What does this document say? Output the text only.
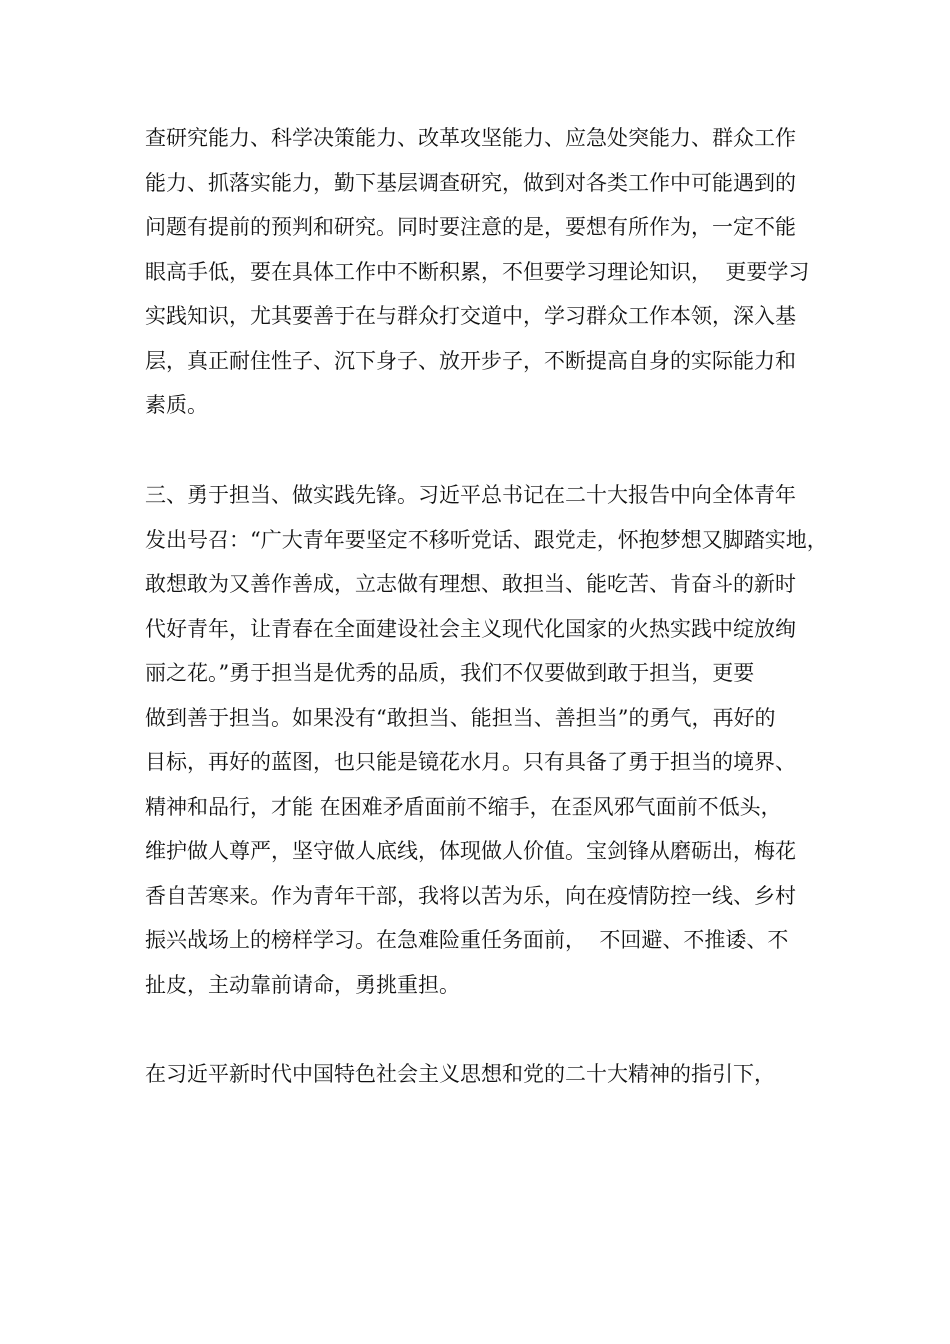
查研究能力、科学决策能力、改革攻坚能力、应急处突能力、群众工作
能力、抓落实能力，勤下基层调查研究，做到对各类工作中可能遇到的
问题有提前的预判和研究。同时要注意的是，要想有所作为，一定不能
眼高手低，要在具体工作中不断积累，不但要学习理论知识，  更要学习
实践知识，尤其要善于在与群众打交道中，学习群众工作本领，深入基
层，真正耐住性子、沉下身子、放开步子，不断提高自身的实际能力和
素质。
三、勇于担当、做实践先锋。习近平总书记在二十大报告中向全体青年
发出号召：“广大青年要坚定不移听党话、跟党走，怀抱梦想又脚踏实地，
敢想敢为又善作善成，立志做有理想、敢担当、能吃苦、肯奋斗的新时
代好青年，让青春在全面建设社会主义现代化国家的火热实践中绽放绚
丽之花。”勇于担当是优秀的品质，我们不仅要做到敢于担当，更要
做到善于担当。如果没有“敢担当、能担当、善担当”的勇气，再好的
目标，再好的蓝图，也只能是镜花水月。只有具备了勇于担当的境界、
精神和品行，才能 在困难矛盾面前不缩手，在歪风邪气面前不低头，
维护做人尊严，坚守做人底线，体现做人价值。宝剑锋从磨砺出，梅花
香自苦寒来。作为青年干部，我将以苦为乐，向在疫情防控一线、乡村
振兴战场上的榜样学习。在急难险重任务面前，  不回避、不推诿、不
扯皮，主动靠前请命，勇挑重担。
在习近平新时代中国特色社会主义思想和党的二十大精神的指引下，
